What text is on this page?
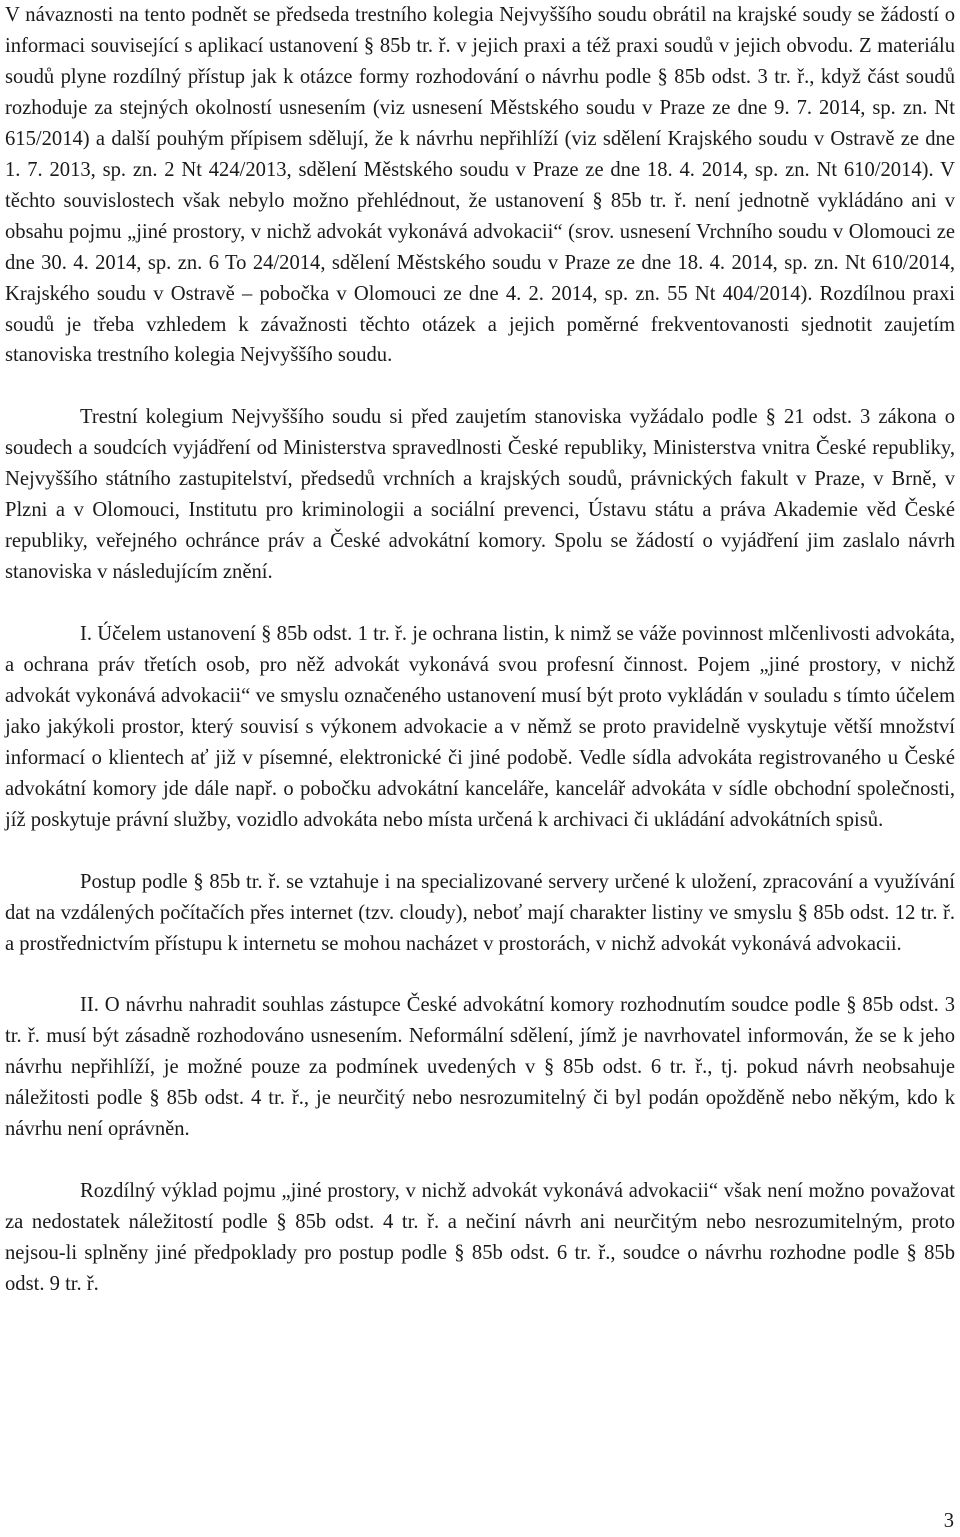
V návaznosti na tento podnět se předseda trestního kolegia Nejvyššího soudu obrátil na krajské soudy se žádostí o informaci související s aplikací ustanovení § 85b tr. ř. v jejich praxi a též praxi soudů v jejich obvodu. Z materiálu soudů plyne rozdílný přístup jak k otázce formy rozhodování o návrhu podle § 85b odst. 3 tr. ř., když část soudů rozhoduje za stejných okolností usnesením (viz usnesení Městského soudu v Praze ze dne 9. 7. 2014, sp. zn. Nt 615/2014) a další pouhým přípisem sdělují, že k návrhu nepřihlíží (viz sdělení Krajského soudu v Ostravě ze dne 1. 7. 2013, sp. zn. 2 Nt 424/2013, sdělení Městského soudu v Praze ze dne 18. 4. 2014, sp. zn. Nt 610/2014). V těchto souvislostech však nebylo možno přehlédnout, že ustanovení § 85b tr. ř. není jednotně vykládáno ani v obsahu pojmu „jiné prostory, v nichž advokát vykonává advokacii“ (srov. usnesení Vrchního soudu v Olomouci ze dne 30. 4. 2014, sp. zn. 6 To 24/2014, sdělení Městského soudu v Praze ze dne 18. 4. 2014, sp. zn. Nt 610/2014, Krajského soudu v Ostravě – pobočka v Olomouci ze dne 4. 2. 2014, sp. zn. 55 Nt 404/2014). Rozdílnou praxi soudů je třeba vzhledem k závažnosti těchto otázek a jejich poměrné frekventovanosti sjednotit zaujetím stanoviska trestního kolegia Nejvyššího soudu.

Trestní kolegium Nejvyššího soudu si před zaujetím stanoviska vyžádalo podle § 21 odst. 3 zákona o soudech a soudcích vyjádření od Ministerstva spravedlnosti České republiky, Ministerstva vnitra České republiky, Nejvyššího státního zastupitelství, předsedů vrchních a krajských soudů, právnických fakult v Praze, v Brně, v Plzni a v Olomouci, Institutu pro kriminologii a sociální prevenci, Ústavu státu a práva Akademie věd České republiky, veřejného ochránce práv a České advokátní komory. Spolu se žádostí o vyjádření jim zaslalo návrh stanoviska v následujícím znění.

I. Účelem ustanovení § 85b odst. 1 tr. ř. je ochrana listin, k nimž se váže povinnost mlčenlivosti advokáta, a ochrana práv třetích osob, pro něž advokát vykonává svou profesní činnost. Pojem „jiné prostory, v nichž advokát vykonává advokacii“ ve smyslu označeného ustanovení musí být proto vykládán v souladu s tímto účelem jako jakýkoli prostor, který souvisí s výkonem advokacie a v němž se proto pravidelně vyskytuje větší množství informací o klientech ať již v písemné, elektronické či jiné podobě. Vedle sídla advokáta registrovaného u České advokátní komory jde dále např. o pobočku advokátní kanceláře, kancelář advokáta v sídle obchodní společnosti, jíž poskytuje právní služby, vozidlo advokáta nebo místa určená k archivaci či ukládání advokátních spisů.

Postup podle § 85b tr. ř. se vztahuje i na specializované servery určené k uložení, zpracování a využívání dat na vzdálených počítačích přes internet (tzv. cloudy), neboť mají charakter listiny ve smyslu § 85b odst. 12 tr. ř. a prostřednictvím přístupu k internetu se mohou nacházet v prostorách, v nichž advokát vykonává advokacii.

II. O návrhu nahradit souhlas zástupce České advokátní komory rozhodnutím soudce podle § 85b odst. 3 tr. ř. musí být zásadně rozhodováno usnesením. Neformální sdělení, jímž je navrhovatel informován, že se k jeho návrhu nepřihlíží, je možné pouze za podmínek uvedených v § 85b odst. 6 tr. ř., tj. pokud návrh neobsahuje náležitosti podle § 85b odst. 4 tr. ř., je neurčitý nebo nesrozumitelný či byl podán opožděně nebo někým, kdo k návrhu není oprávněn.

Rozdílný výklad pojmu „jiné prostory, v nichž advokát vykonává advokacii“ však není možno považovat za nedostatek náležitostí podle § 85b odst. 4 tr. ř. a nečiní návrh ani neurčitým nebo nesrozumitelným, proto nejsou-li splněny jiné předpoklady pro postup podle § 85b odst. 6 tr. ř., soudce o návrhu rozhodne podle § 85b odst. 9 tr. ř.

3
